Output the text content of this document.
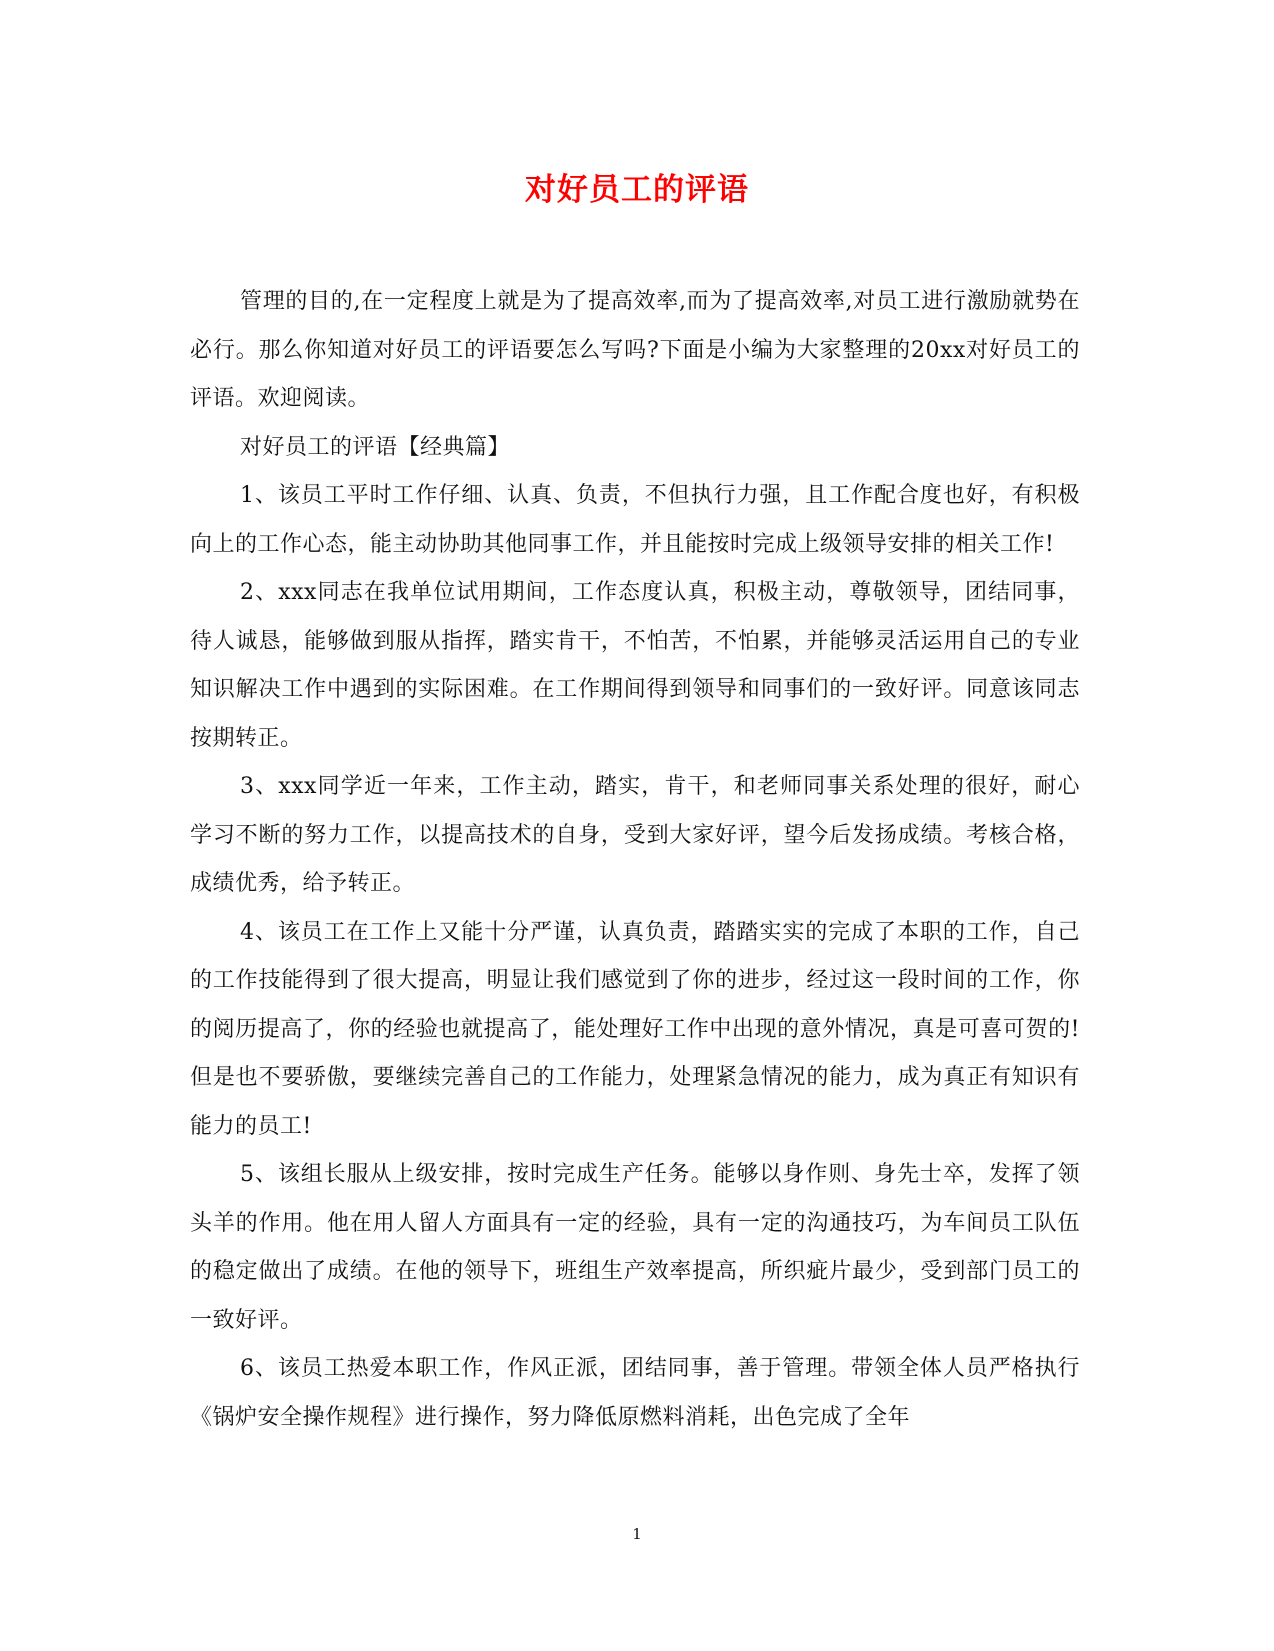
对好员工的评语

管理的目的,在一定程度上就是为了提高效率,而为了提高效率,对员工进行激励就势在必行。那么你知道对好员工的评语要怎么写吗?下面是小编为大家整理的20xx对好员工的评语。欢迎阅读。

对好员工的评语【经典篇】

1、该员工平时工作仔细、认真、负责，不但执行力强，且工作配合度也好，有积极向上的工作心态，能主动协助其他同事工作，并且能按时完成上级领导安排的相关工作!

2、xxx同志在我单位试用期间，工作态度认真，积极主动，尊敬领导，团结同事，待人诚恳，能够做到服从指挥，踏实肯干，不怕苦，不怕累，并能够灵活运用自己的专业知识解决工作中遇到的实际困难。在工作期间得到领导和同事们的一致好评。同意该同志按期转正。

3、xxx同学近一年来，工作主动，踏实，肯干，和老师同事关系处理的很好，耐心学习不断的努力工作，以提高技术的自身，受到大家好评，望今后发扬成绩。考核合格，成绩优秀，给予转正。

4、该员工在工作上又能十分严谨，认真负责，踏踏实实的完成了本职的工作，自己的工作技能得到了很大提高，明显让我们感觉到了你的进步，经过这一段时间的工作，你的阅历提高了，你的经验也就提高了，能处理好工作中出现的意外情况，真是可喜可贺的!但是也不要骄傲，要继续完善自己的工作能力，处理紧急情况的能力，成为真正有知识有能力的员工!

5、该组长服从上级安排，按时完成生产任务。能够以身作则、身先士卒，发挥了领头羊的作用。他在用人留人方面具有一定的经验，具有一定的沟通技巧，为车间员工队伍的稳定做出了成绩。在他的领导下，班组生产效率提高，所织疵片最少，受到部门员工的一致好评。

6、该员工热爱本职工作，作风正派，团结同事，善于管理。带领全体人员严格执行《锅炉安全操作规程》进行操作，努力降低原燃料消耗，出色完成了全年

1
